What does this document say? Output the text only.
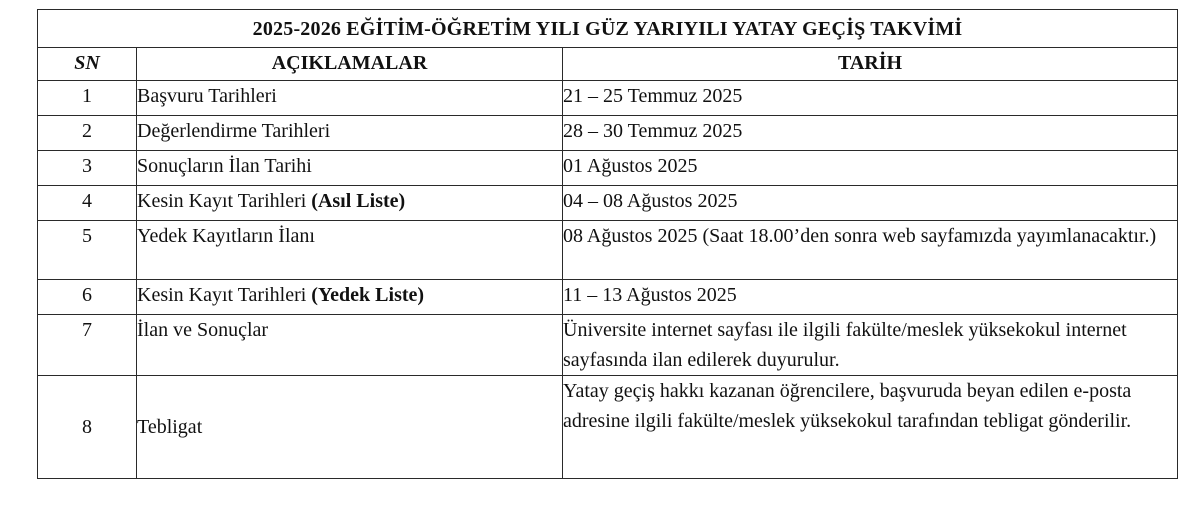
2025-2026 EĞİTİM-ÖĞRETİM YILI GÜZ YARIYILI YATAY GEÇİŞ TAKVİMİ		
SN	AÇIKLAMALAR	TARİH
1	Başvuru Tarihleri	21 – 25 Temmuz 2025
2	Değerlendirme Tarihleri	28 – 30 Temmuz 2025
3	Sonuçların İlan Tarihi	01 Ağustos 2025
4	Kesin Kayıt Tarihleri (Asıl Liste)	04 – 08 Ağustos 2025
5	Yedek Kayıtların İlanı	08 Ağustos 2025 (Saat 18.00’den sonra web sayfamızda yayımlanacaktır.)
6	Kesin Kayıt Tarihleri (Yedek Liste)	11 – 13 Ağustos 2025
7	İlan ve Sonuçlar	Üniversite internet sayfası ile ilgili fakülte/meslek yüksekokul internet sayfasında ilan edilerek duyurulur.
8	Tebligat	Yatay geçiş hakkı kazanan öğrencilere, başvuruda beyan edilen e-posta adresine ilgili fakülte/meslek yüksekokul tarafından tebligat gönderilir.
